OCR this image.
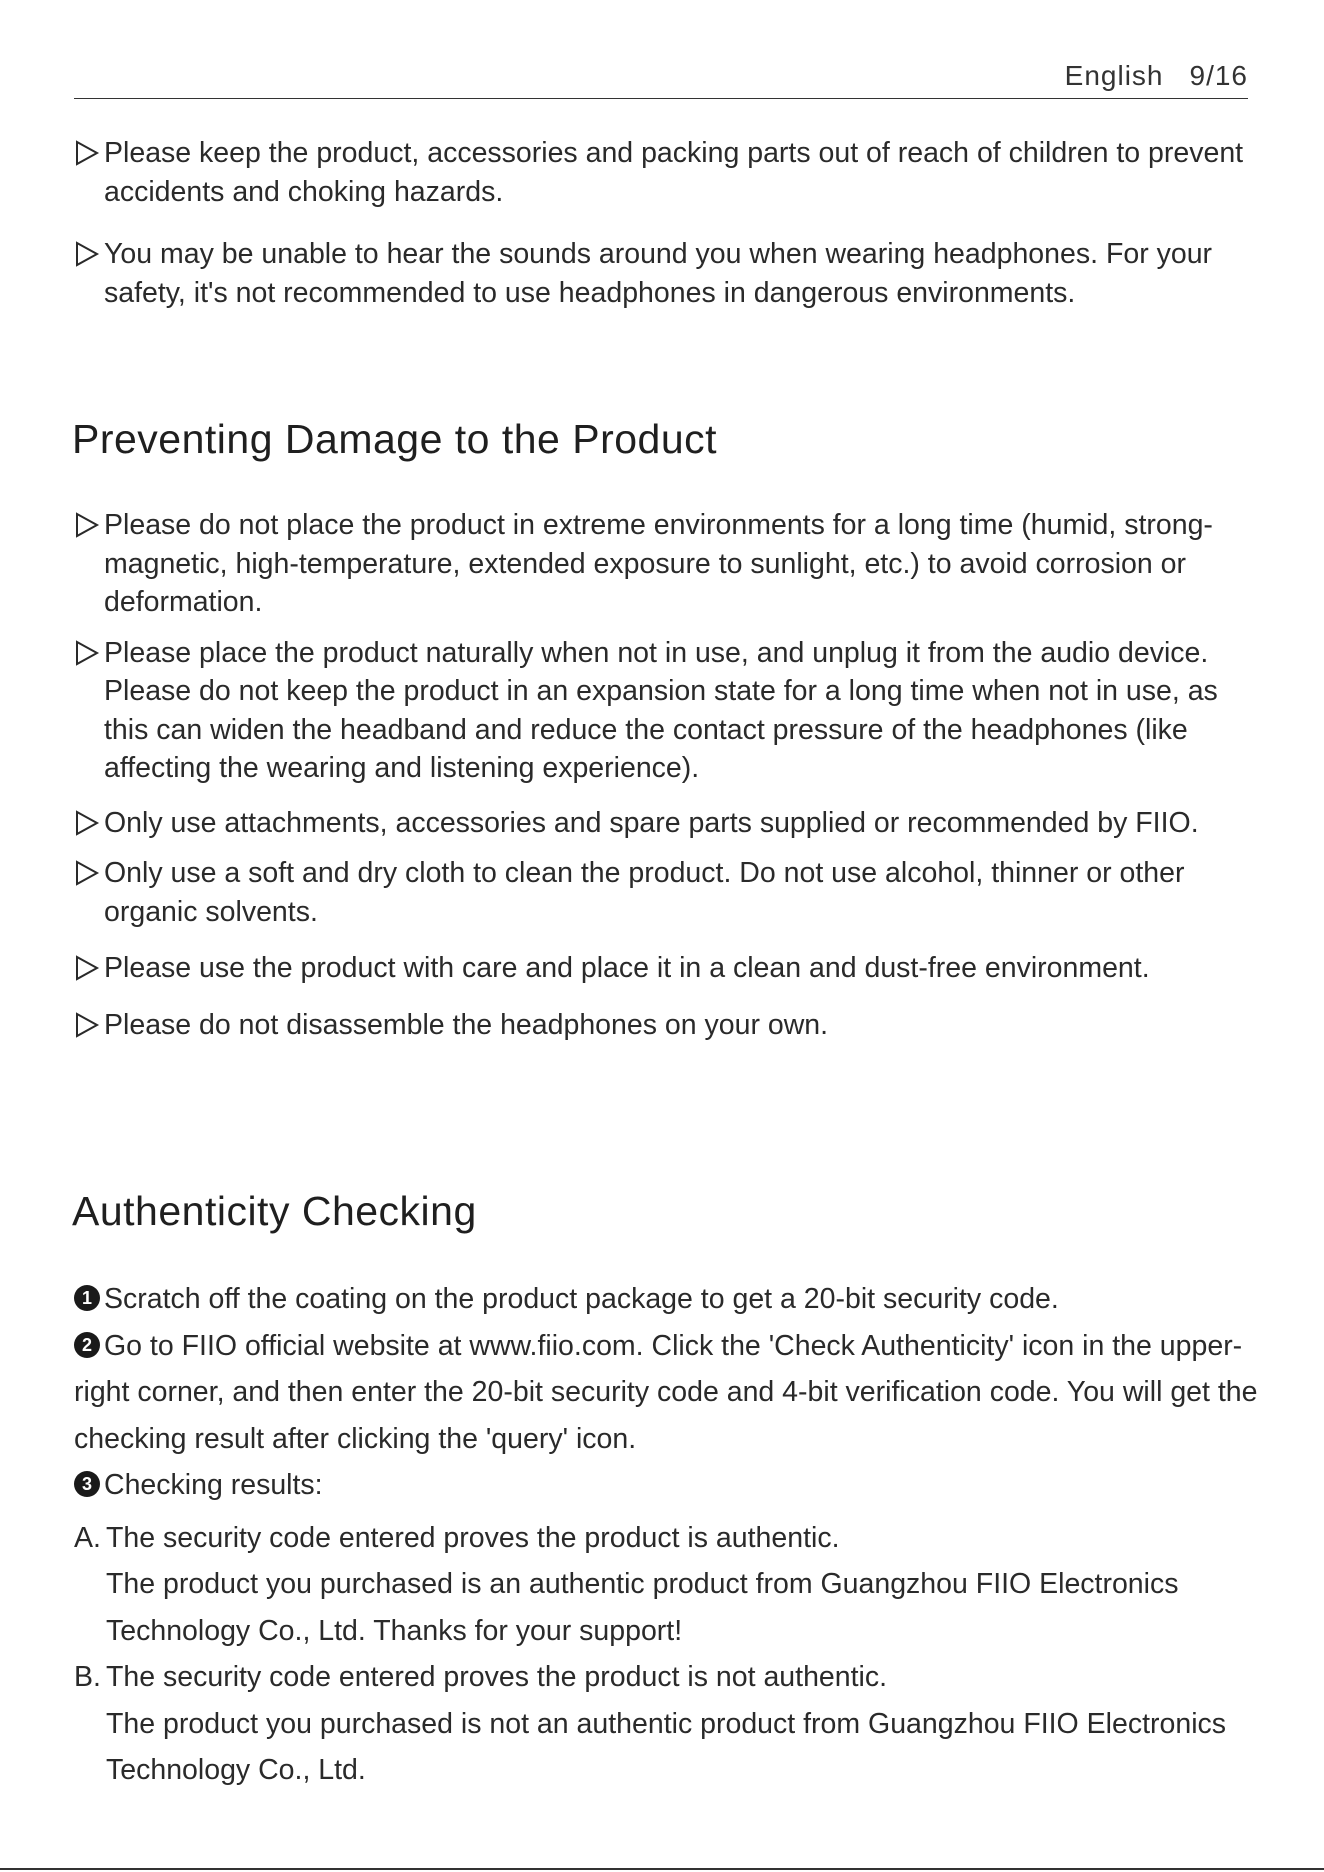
English 9/16
Please keep the product, accessories and packing parts out of reach of children to prevent accidents and choking hazards.
You may be unable to hear the sounds around you when wearing headphones. For your safety, it's not recommended to use headphones in dangerous environments.
Preventing Damage to the Product
Please do not place the product in extreme environments for a long time (humid, strong-magnetic, high-temperature, extended exposure to sunlight, etc.) to avoid corrosion or deformation.
Please place the product naturally when not in use, and unplug it from the audio device. Please do not keep the product in an expansion state for a long time when not in use, as this can widen the headband and reduce the contact pressure of the headphones (like affecting the wearing and listening experience).
Only use attachments, accessories and spare parts supplied or recommended by FIIO.
Only use a soft and dry cloth to clean the product. Do not use alcohol, thinner or other organic solvents.
Please use the product with care and place it in a clean and dust-free environment.
Please do not disassemble the headphones on your own.
Authenticity Checking
1 Scratch off the coating on the product package to get a 20-bit security code.
2 Go to FIIO official website at www.fiio.com. Click the 'Check Authenticity' icon in the upper-right corner, and then enter the 20-bit security code and 4-bit verification code. You will get the checking result after clicking the 'query' icon.
3 Checking results:
A. The security code entered proves the product is authentic.
The product you purchased is an authentic product from Guangzhou FIIO Electronics Technology Co., Ltd. Thanks for your support!
B. The security code entered proves the product is not authentic.
The product you purchased is not an authentic product from Guangzhou FIIO Electronics Technology Co., Ltd.
